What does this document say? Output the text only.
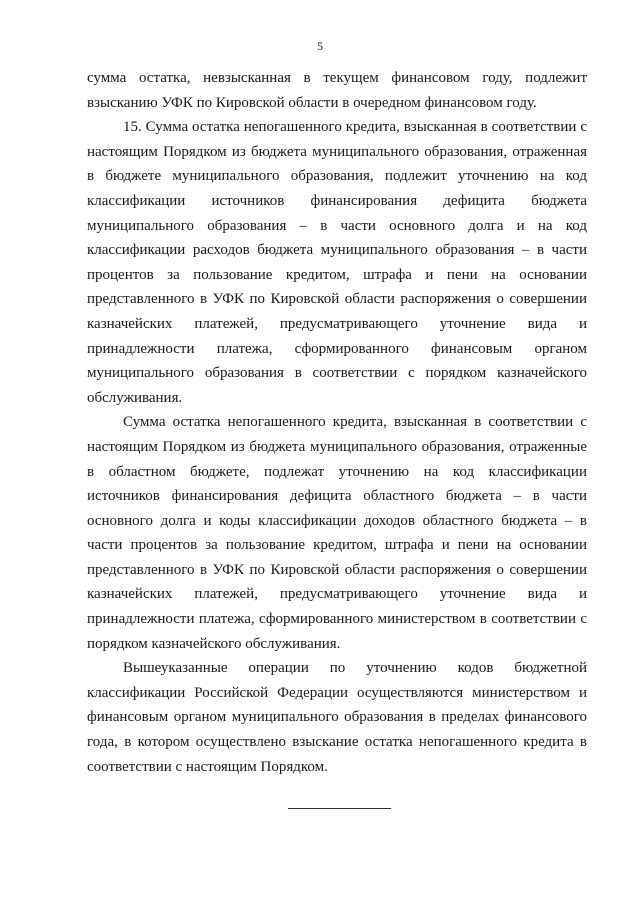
5

сумма остатка, невзысканная в текущем финансовом году, подлежит взысканию УФК по Кировской области в очередном финансовом году.

15. Сумма остатка непогашенного кредита, взысканная в соответствии с настоящим Порядком из бюджета муниципального образования, отраженная в бюджете муниципального образования, подлежит уточнению на код классификации источников финансирования дефицита бюджета муниципального образования – в части основного долга и на код классификации расходов бюджета муниципального образования – в части процентов за пользование кредитом, штрафа и пени на основании представленного в УФК по Кировской области распоряжения о совершении казначейских платежей, предусматривающего уточнение вида и принадлежности платежа, сформированного финансовым органом муниципального образования в соответствии с порядком казначейского обслуживания.

Сумма остатка непогашенного кредита, взысканная в соответствии с настоящим Порядком из бюджета муниципального образования, отраженные в областном бюджете, подлежат уточнению на код классификации источников финансирования дефицита областного бюджета – в части основного долга и коды классификации доходов областного бюджета – в части процентов за пользование кредитом, штрафа и пени на основании представленного в УФК по Кировской области распоряжения о совершении казначейских платежей, предусматривающего уточнение вида и принадлежности платежа, сформированного министерством в соответствии с порядком казначейского обслуживания.

Вышеуказанные операции по уточнению кодов бюджетной классификации Российской Федерации осуществляются министерством и финансовым органом муниципального образования в пределах финансового года, в котором осуществлено взыскание остатка непогашенного кредита в соответствии с настоящим Порядком.
